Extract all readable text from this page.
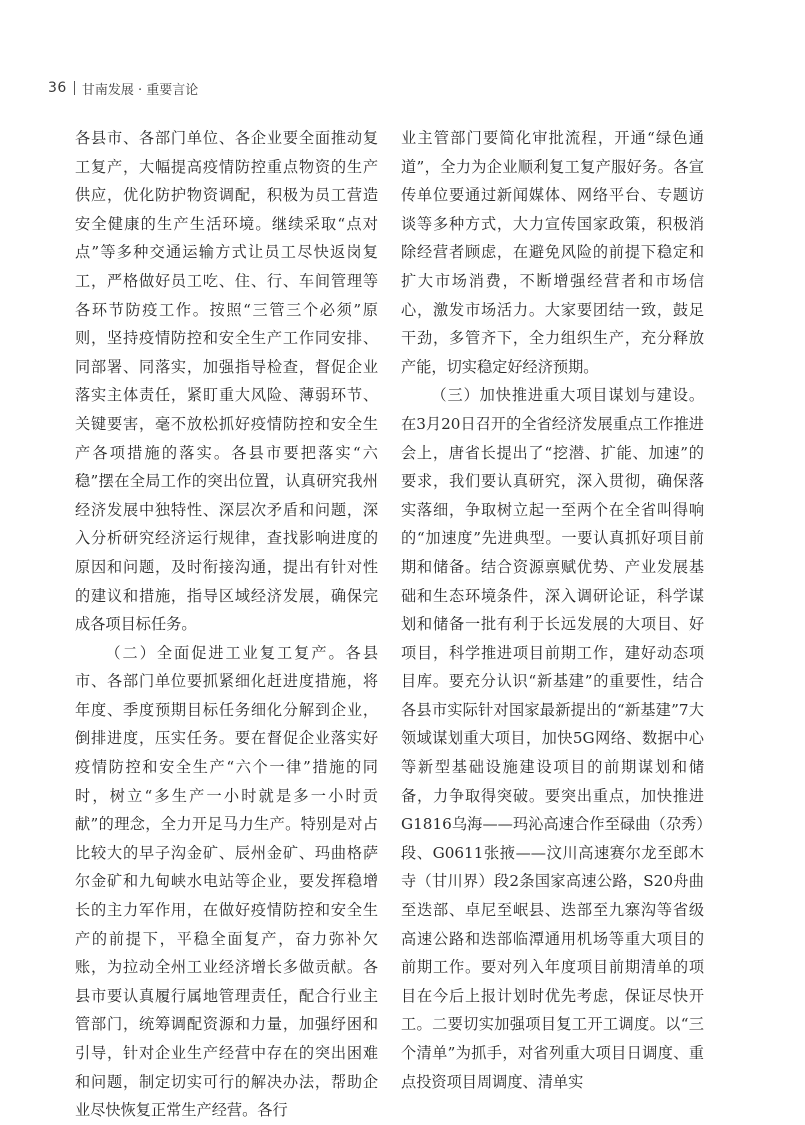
36 甘南发展 · 重要言论

各县市、各部门单位、各企业要全面推动复工复产，大幅提高疫情防控重点物资的生产供应，优化防护物资调配，积极为员工营造安全健康的生产生活环境。继续采取“点对点”等多种交通运输方式让员工尽快返岗复工，严格做好员工吃、住、行、车间管理等各环节防疫工作。按照“三管三个必须”原则，坚持疫情防控和安全生产工作同安排、同部署、同落实，加强指导检查，督促企业落实主体责任，紧盯重大风险、薄弱环节、关键要害，毫不放松抓好疫情防控和安全生产各项措施的落实。各县市要把落实“六稳”摆在全局工作的突出位置，认真研究我州经济发展中独特性、深层次矛盾和问题，深入分析研究经济运行规律，查找影响进度的原因和问题，及时衔接沟通，提出有针对性的建议和措施，指导区域经济发展，确保完成各项目标任务。

（二）全面促进工业复工复产。各县市、各部门单位要抓紧细化赶进度措施，将年度、季度预期目标任务细化分解到企业，倒排进度，压实任务。要在督促企业落实好疫情防控和安全生产“六个一律”措施的同时，树立“多生产一小时就是多一小时贡献”的理念，全力开足马力生产。特别是对占比较大的早子沟金矿、辰州金矿、玛曲格萨尔金矿和九甸峡水电站等企业，要发挥稳增长的主力军作用，在做好疫情防控和安全生产的前提下，平稳全面复产，奋力弥补欠账，为拉动全州工业经济增长多做贡献。各县市要认真履行属地管理责任，配合行业主管部门，统筹调配资源和力量，加强纾困和引导，针对企业生产经营中存在的突出困难和问题，制定切实可行的解决办法，帮助企业尽快恢复正常生产经营。各行

业主管部门要简化审批流程，开通“绿色通道”，全力为企业顺利复工复产服好务。各宣传单位要通过新闻媒体、网络平台、专题访谈等多种方式，大力宣传国家政策，积极消除经营者顾虑，在避免风险的前提下稳定和扩大市场消费，不断增强经营者和市场信心，激发市场活力。大家要团结一致，鼓足干劲，多管齐下，全力组织生产，充分释放产能，切实稳定好经济预期。

（三）加快推进重大项目谋划与建设。在3月20日召开的全省经济发展重点工作推进会上，唐省长提出了“挖潜、扩能、加速”的要求，我们要认真研究，深入贯彻，确保落实落细，争取树立起一至两个在全省叫得响的“加速度”先进典型。一要认真抓好项目前期和储备。结合资源禀赋优势、产业发展基础和生态环境条件，深入调研论证，科学谋划和储备一批有利于长远发展的大项目、好项目，科学推进项目前期工作，建好动态项目库。要充分认识“新基建”的重要性，结合各县市实际针对国家最新提出的“新基建”7大领域谋划重大项目，加快5G网络、数据中心等新型基础设施建设项目的前期谋划和储备，力争取得突破。要突出重点，加快推进G1816乌海——玛沁高速合作至碌曲（尕秀）段、G0611张掖——汶川高速赛尔龙至郎木寺（甘川界）段2条国家高速公路，S20舟曲至迭部、卓尼至岷县、迭部至九寨沟等省级高速公路和迭部临潭通用机场等重大项目的前期工作。要对列入年度项目前期清单的项目在今后上报计划时优先考虑，保证尽快开工。二要切实加强项目复工开工调度。以“三个清单”为抓手，对省列重大项目日调度、重点投资项目周调度、清单实
